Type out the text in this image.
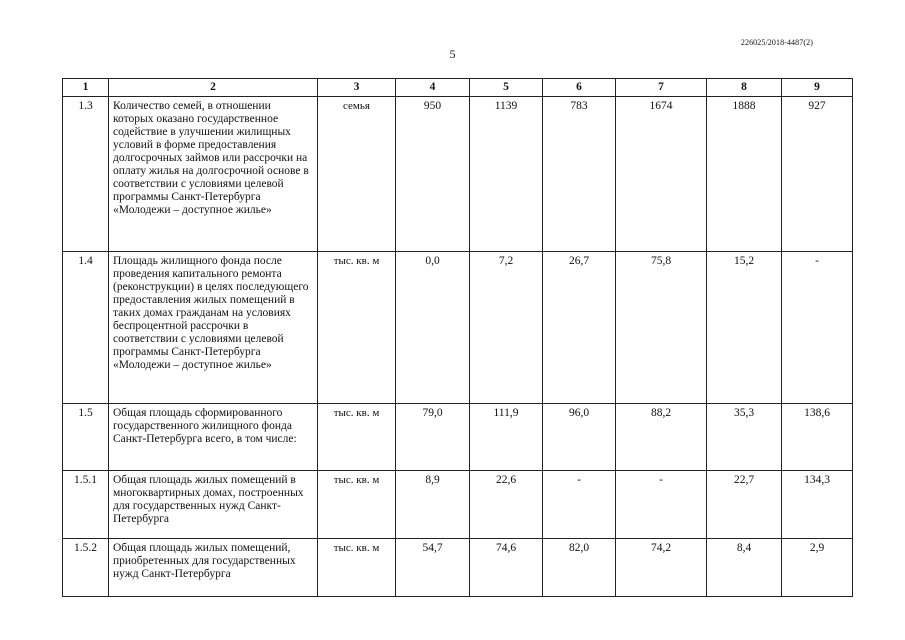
226025/2018-4487(2)
5
1	2	3	4	5	6	7	8	9
1.3	Количество семей, в отношении которых оказано государственное содействие в улучшении жилищных условий в форме предоставления долгосрочных займов или рассрочки на оплату жилья на долгосрочной основе в соответствии с условиями целевой программы Санкт-Петербурга «Молодежи – доступное жилье»	семья	950	1139	783	1674	1888	927
1.4	Площадь жилищного фонда после проведения капитального ремонта (реконструкции) в целях последующего предоставления жилых помещений в таких домах гражданам на условиях беспроцентной рассрочки в соответствии с условиями целевой программы Санкт-Петербурга «Молодежи – доступное жилье»	тыс. кв. м	0,0	7,2	26,7	75,8	15,2	-
1.5	Общая площадь сформированного государственного жилищного фонда Санкт-Петербурга всего, в том числе:	тыс. кв. м	79,0	111,9	96,0	88,2	35,3	138,6
1.5.1	Общая площадь жилых помещений в многоквартирных домах, построенных для государственных нужд Санкт-Петербурга	тыс. кв. м	8,9	22,6	-	-	22,7	134,3
1.5.2	Общая площадь жилых помещений, приобретенных для государственных нужд Санкт-Петербурга	тыс. кв. м	54,7	74,6	82,0	74,2	8,4	2,9
